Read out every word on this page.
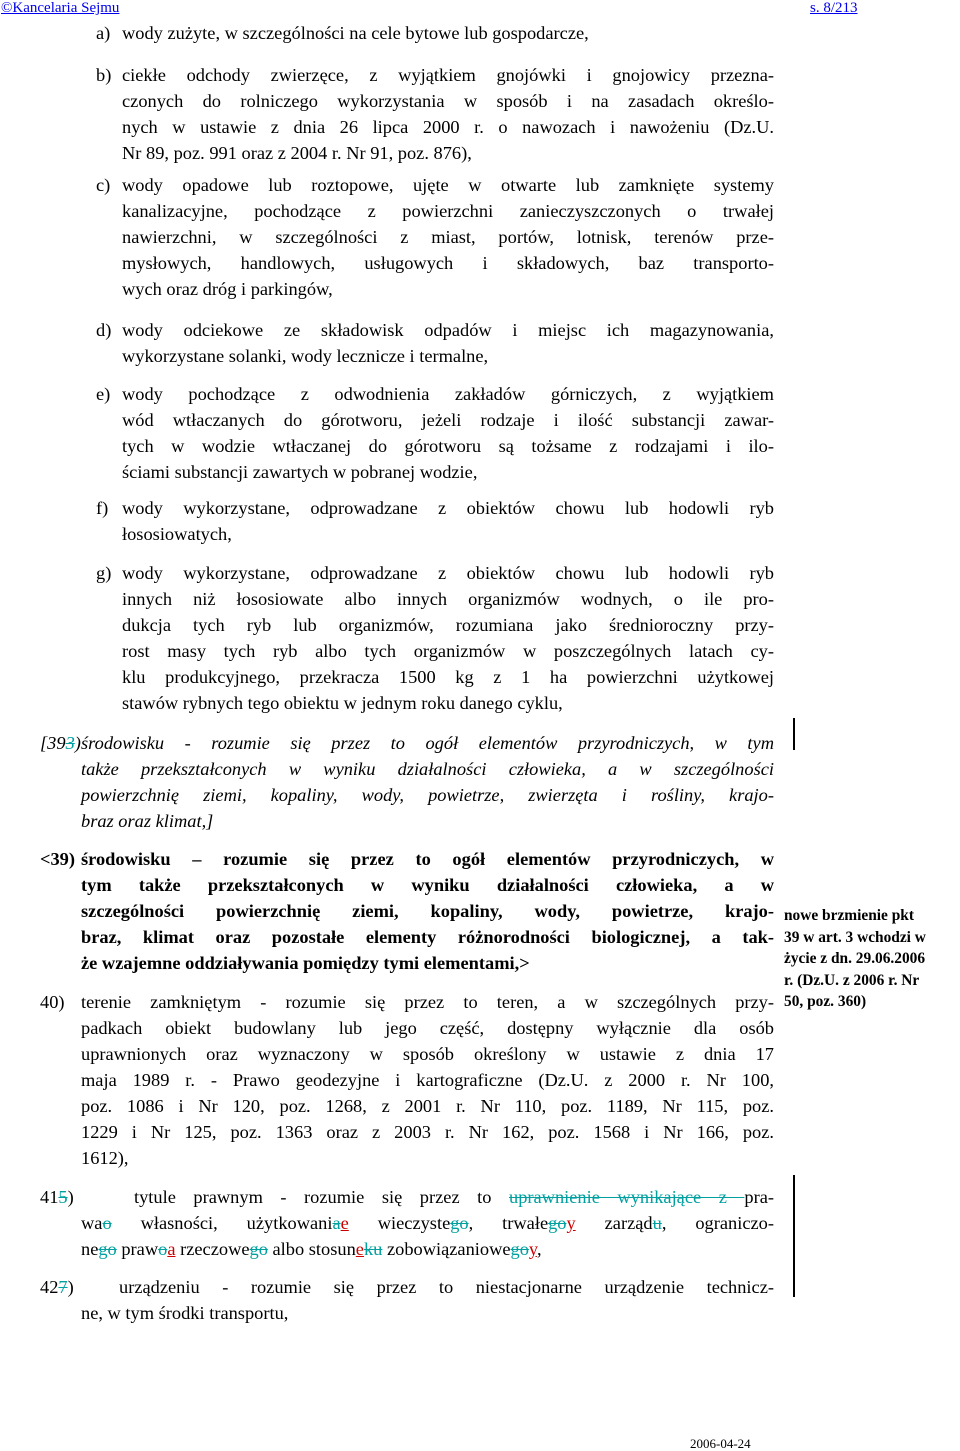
©Kancelaria Sejmu	s. 8/213
a) wody zużyte, w szczególności na cele bytowe lub gospodarcze,
b) ciekłe odchody zwierzęce, z wyjątkiem gnojówki i gnojowicy przezna-
czonych do rolniczego wykorzystania w sposób i na zasadach określo-
nych w ustawie z dnia 26 lipca 2000 r. o nawozach i nawożeniu (Dz.U.
Nr 89, poz. 991 oraz z 2004 r. Nr 91, poz. 876),
c) wody opadowe lub roztopowe, ujęte w otwarte lub zamknięte systemy
kanalizacyjne, pochodzące z powierzchni zanieczyszczonych o trwałej
nawierzchni, w szczególności z miast, portów, lotnisk, terenów prze-
mysłowych, handlowych, usługowych i składowych, baz transporto-
wych oraz dróg i parkingów,
d) wody odciekowe ze składowisk odpadów i miejsc ich magazynowania,
wykorzystane solanki, wody lecznicze i termalne,
e) wody pochodzące z odwodnienia zakładów górniczych, z wyjątkiem
wód wtłaczanych do górotworu, jeżeli rodzaje i ilość substancji zawar-
tych w wodzie wtłaczanej do górotworu są tożsame z rodzajami i ilo-
ściami substancji zawartych w pobranej wodzie,
f) wody wykorzystane, odprowadzane z obiektów chowu lub hodowli ryb
łososiowatych,
g) wody wykorzystane, odprowadzane z obiektów chowu lub hodowli ryb
innych niż łososiowate albo innych organizmów wodnych, o ile pro-
dukcja tych ryb lub organizmów, rozumiana jako średnioroczny przy-
rost masy tych ryb albo tych organizmów w poszczególnych latach cy-
klu produkcyjnego, przekracza 1500 kg z 1 ha powierzchni użytkowej
stawów rybnych tego obiektu w jednym roku danego cyklu,
[393) środowisku - rozumie się przez to ogół elementów przyrodniczych, w tym
także przekształconych w wyniku działalności człowieka, a w szczególności
powierzchnię ziemi, kopaliny, wody, powietrze, zwierzęta i rośliny, krajo-
braz oraz klimat,]
<39) środowisku – rozumie się przez to ogół elementów przyrodniczych, w
tym także przekształconych w wyniku działalności człowieka, a w
szczególności powierzchnię ziemi, kopaliny, wody, powietrze, krajo-
braz, klimat oraz pozostałe elementy różnorodności biologicznej, a tak-
że wzajemne oddziaływania pomiędzy tymi elementami,>
40) terenie zamkniętym - rozumie się przez to teren, a w szczególnych przy-
padkach obiekt budowlany lub jego część, dostępny wyłącznie dla osób
uprawnionych oraz wyznaczony w sposób określony w ustawie z dnia 17
maja 1989 r. - Prawo geodezyjne i kartograficzne (Dz.U. z 2000 r. Nr 100,
poz. 1086 i Nr 120, poz. 1268, z 2001 r. Nr 110, poz. 1189, Nr 115, poz.
1229 i Nr 125, poz. 1363 oraz z 2003 r. Nr 162, poz. 1568 i Nr 166, poz.
1612),
415)	tytule prawnym - rozumie się przez to uprawnienie wynikające z pra-
wao własności, użytkowaniae wieczystego, trwałegoy zarządu, ograniczo-
nego prawoa rzeczowego albo stosuneku zobowiązaniowegoy,
427)	urządzeniu - rozumie się przez to niestacjonarne urządzenie technicz-
ne, w tym środki transportu,
nowe brzmienie pkt
39 w art. 3 wchodzi w
życie z dn. 29.06.2006
r. (Dz.U. z 2006 r. Nr
50, poz. 360)
2006-04-24
